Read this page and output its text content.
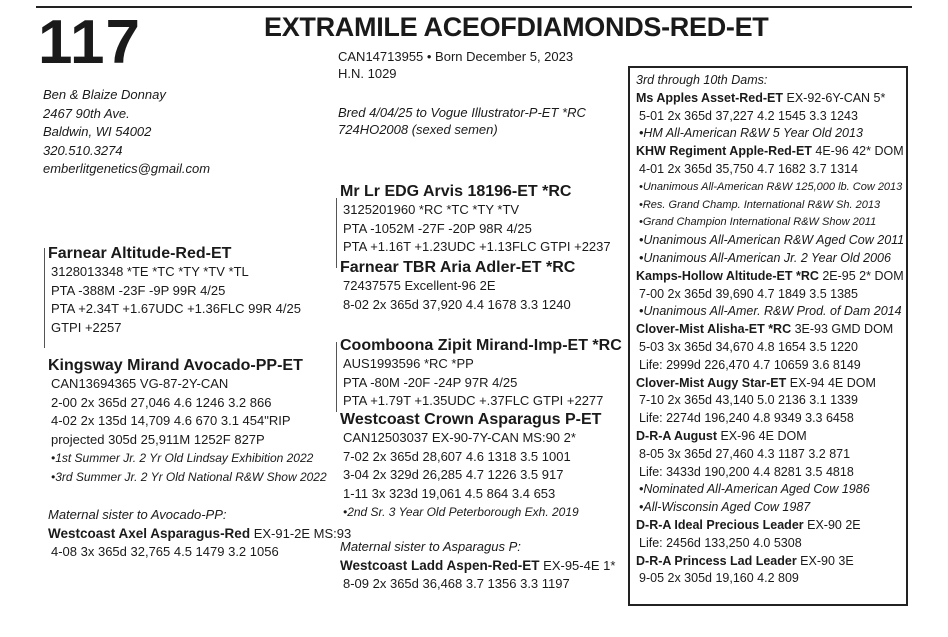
117	EXTRAMILE ACEOFDIAMONDS-RED-ET
CAN14713955 • Born December 5, 2023
H.N. 1029
Ben & Blaize Donnay
2467 90th Ave.
Baldwin, WI 54002
320.510.3274
emberlitgenetics@gmail.com
Bred 4/04/25 to Vogue Illustrator-P-ET *RC
724HO2008 (sexed semen)
Mr Lr EDG Arvis 18196-ET *RC
3125201960 *RC *TC *TY *TV
PTA -1052M -27F -20P 98R 4/25
PTA +1.16T +1.23UDC +1.13FLC GTPI +2237
Farnear TBR Aria Adler-ET *RC
72437575 Excellent-96 2E
8-02 2x 365d 37,920 4.4 1678 3.3 1240
Farnear Altitude-Red-ET
3128013348 *TE *TC *TY *TV *TL
PTA -388M -23F -9P 99R 4/25
PTA +2.34T +1.67UDC +1.36FLC 99R 4/25
GTPI +2257
Kingsway Mirand Avocado-PP-ET
CAN13694365 VG-87-2Y-CAN
2-00 2x 365d 27,046 4.6 1246 3.2 866
4-02 2x 135d 14,709 4.6 670 3.1 454"RIP
projected 305d 25,911M 1252F 827P
•1st Summer Jr. 2 Yr Old Lindsay Exhibition 2022
•3rd Summer Jr. 2 Yr Old National R&W Show 2022
Coomboona Zipit Mirand-Imp-ET *RC
AUS1993596 *RC *PP
PTA -80M -20F -24P 97R 4/25
PTA +1.79T +1.35UDC +.37FLC GTPI +2277
Westcoast Crown Asparagus P-ET
CAN12503037 EX-90-7Y-CAN MS:90 2*
7-02 2x 365d 28,607 4.6 1318 3.5 1001
3-04 2x 329d 26,285 4.7 1226 3.5 917
1-11 3x 323d 19,061 4.5 864 3.4 653
•2nd Sr. 3 Year Old Peterborough Exh. 2019
Maternal sister to Avocado-PP:
Westcoast Axel Asparagus-Red EX-91-2E MS:93
4-08 3x 365d 32,765 4.5 1479 3.2 1056	Maternal sister to Asparagus P:
Westcoast Ladd Aspen-Red-ET EX-95-4E 1*
8-09 2x 365d 36,468 3.7 1356 3.3 1197
3rd through 10th Dams:
Ms Apples Asset-Red-ET EX-92-6Y-CAN 5*
5-01 2x 365d 37,227 4.2 1545 3.3 1243
•HM All-American R&W 5 Year Old 2013
KHW Regiment Apple-Red-ET 4E-96 42* DOM
4-01 2x 365d 35,750 4.7 1682 3.7 1314
•Unanimous All-American R&W 125,000 lb. Cow 2013
•Res. Grand Champ. International R&W Sh. 2013
•Grand Champion International R&W Show 2011
•Unanimous All-American R&W Aged Cow 2011
•Unanimous All-American Jr. 2 Year Old 2006
Kamps-Hollow Altitude-ET *RC 2E-95 2* DOM
7-00 2x 365d 39,690 4.7 1849 3.5 1385
•Unanimous All-Amer. R&W Prod. of Dam 2014
Clover-Mist Alisha-ET *RC 3E-93 GMD DOM
5-03 3x 365d 34,670 4.8 1654 3.5 1220
Life: 2999d 226,470 4.7 10659 3.6 8149
Clover-Mist Augy Star-ET EX-94 4E DOM
7-10 2x 365d 43,140 5.0 2136 3.1 1339
Life: 2274d 196,240 4.8 9349 3.3 6458
D-R-A August EX-96 4E DOM
8-05 3x 365d 27,460 4.3 1187 3.2 871
Life: 3433d 190,200 4.4 8281 3.5 4818
•Nominated All-American Aged Cow 1986
•All-Wisconsin Aged Cow 1987
D-R-A Ideal Precious Leader EX-90 2E
Life: 2456d 133,250 4.0 5308
D-R-A Princess Lad Leader EX-90 3E
9-05 2x 305d 19,160 4.2 809
